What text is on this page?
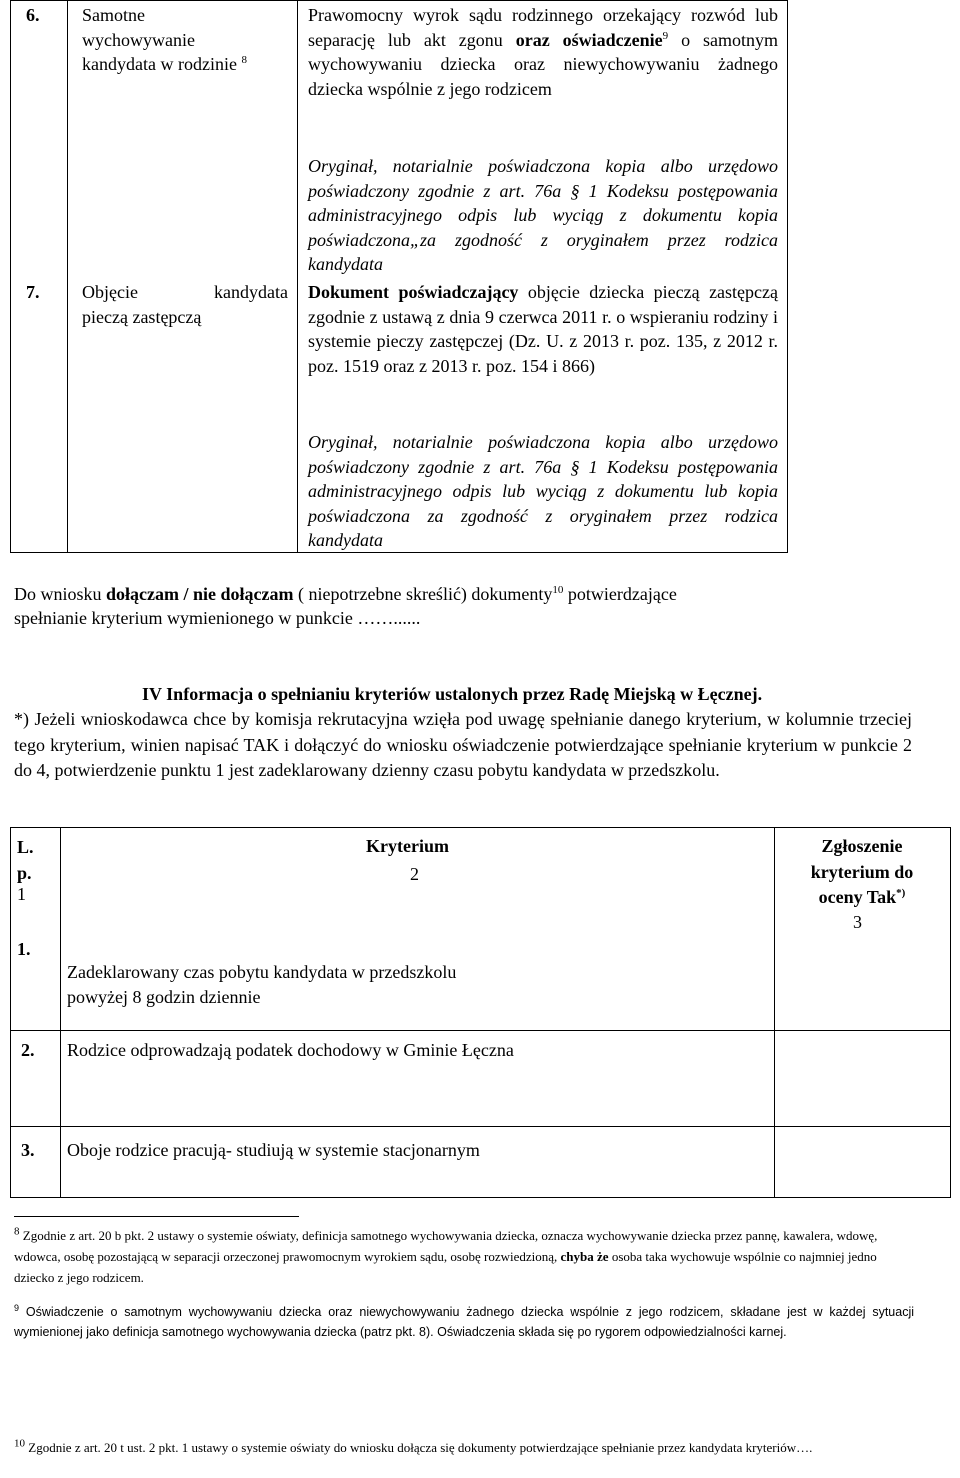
6. Samotne
wychowywanie
kandydata w rodzinie $^8$
Prawomocny wyrok sądu rodzinnego orzekający rozwód lub separację lub akt zgonu oraz oświadczenie$^9$ o samotnym wychowywaniu dziecka oraz niewychowywaniu żadnego dziecka wspólnie z jego rodzicem
Oryginał, notarialnie poświadczona kopia albo urzędowo poświadczony zgodnie z art. 76a § 1 Kodeksu postępowania administracyjnego odpis lub wyciąg z dokumentu kopia poświadczona„za zgodność z oryginałem przez rodzica kandydata
7. Objęcie	kandydata
pieczą zastępczą
Dokument poświadczający objęcie dziecka pieczą zastępczą zgodnie z ustawą z dnia 9 czerwca 2011 r. o wspieraniu rodziny i systemie pieczy zastępczej (Dz. U. z 2013 r. poz. 135, z 2012 r. poz. 1519 oraz z 2013 r. poz. 154 i 866)
Oryginał, notarialnie poświadczona kopia albo urzędowo poświadczony zgodnie z art. 76a § 1 Kodeksu postępowania administracyjnego odpis lub wyciąg z dokumentu lub kopia poświadczona za zgodność z oryginałem przez rodzica kandydata
Do wniosku dołączam / nie dołączam ( niepotrzebne skreślić) dokumenty$^{10}$ potwierdzające
spełnianie kryterium wymienionego w punkcie ……......
IV Informacja o spełnianiu kryteriów ustalonych przez Radę Miejską w Łęcznej.
*) Jeżeli wnioskodawca chce by komisja rekrutacyjna wzięła pod uwagę spełnianie danego kryterium, w kolumnie trzeciej tego kryterium, winien napisać TAK i dołączyć do wniosku oświadczenie potwierdzające spełnianie kryterium w punkcie 2 do 4, potwierdzenie punktu 1 jest zadeklarowany dzienny czasu pobytu kandydata w przedszkolu.
L.
p.
1
Kryterium
2
Zgłoszenie
kryterium do
oceny Tak*)
3
1.
Zadeklarowany czas pobytu kandydata w przedszkolu
powyżej 8 godzin dziennie
2. Rodzice odprowadzają podatek dochodowy w Gminie Łęczna
3. Oboje rodzice pracują- studiują w systemie stacjonarnym
$^8$ Zgodnie z art. 20 b pkt. 2 ustawy o systemie oświaty, definicja samotnego wychowywania dziecka, oznacza wychowywanie dziecka przez pannę, kawalera, wdowę, wdowca, osobę pozostającą w separacji orzeczonej prawomocnym wyrokiem sądu, osobę rozwiedzioną, chyba że osoba taka wychowuje wspólnie co najmniej jedno dziecko z jego rodzicem.
$^9$ Oświadczenie o samotnym wychowywaniu dziecka oraz niewychowywaniu żadnego dziecka wspólnie z jego rodzicem, składane jest w każdej sytuacji wymienionej jako definicja samotnego wychowywania dziecka (patrz pkt. 8). Oświadczenia składa się po rygorem odpowiedzialności karnej.
$^{10}$ Zgodnie z art. 20 t ust. 2 pkt. 1 ustawy o systemie oświaty do wniosku dołącza się dokumenty potwierdzające spełnianie przez kandydata kryteriów….
